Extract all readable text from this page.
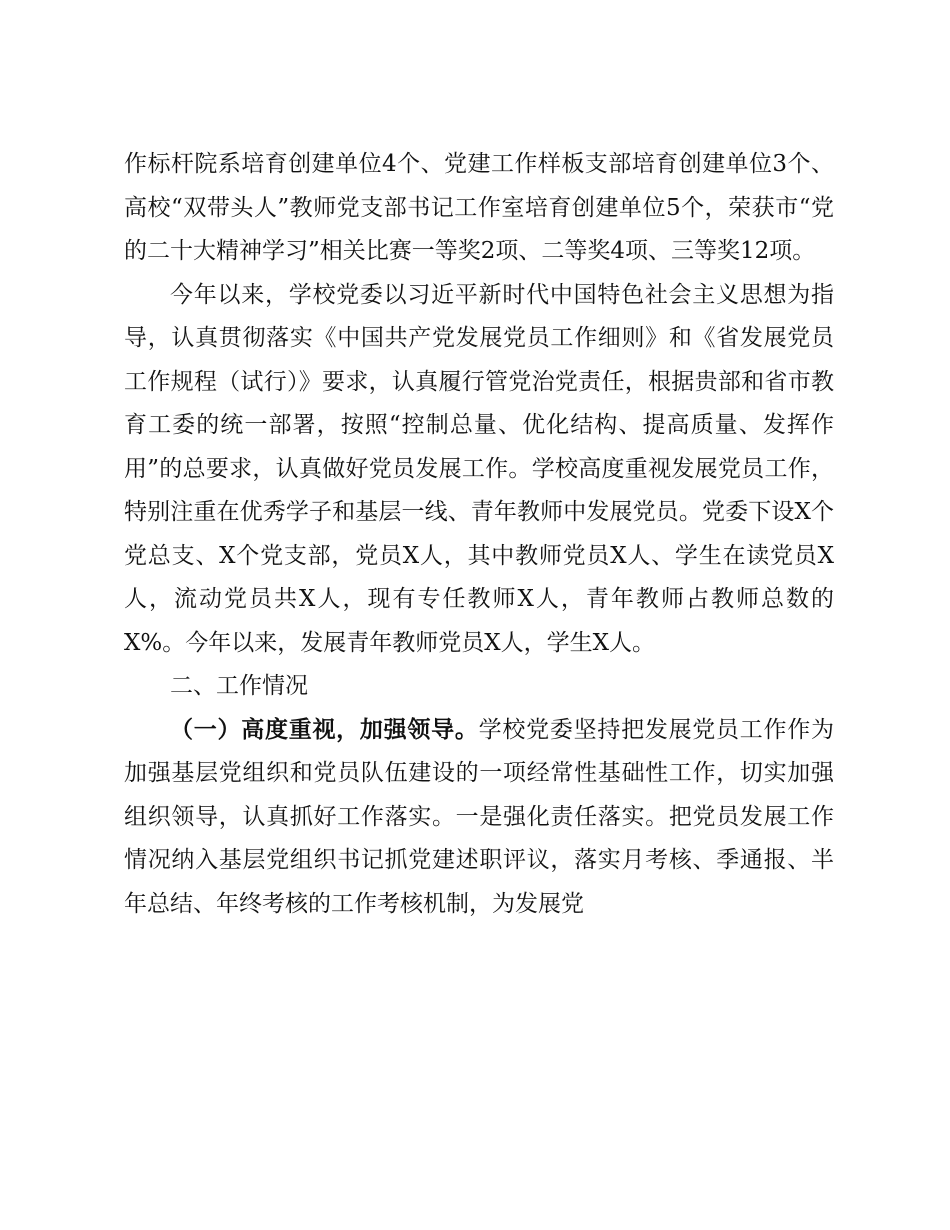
作标杆院系培育创建单位4个、党建工作样板支部培育创建单位3个、高校“双带头人”教师党支部书记工作室培育创建单位5个，荣获市“党的二十大精神学习”相关比赛一等奖2项、二等奖4项、三等奖12项。

今年以来，学校党委以习近平新时代中国特色社会主义思想为指导，认真贯彻落实《中国共产党发展党员工作细则》和《省发展党员工作规程（试行）》要求，认真履行管党治党责任，根据贵部和省市教育工委的统一部署，按照“控制总量、优化结构、提高质量、发挥作用”的总要求，认真做好党员发展工作。学校高度重视发展党员工作，特别注重在优秀学子和基层一线、青年教师中发展党员。党委下设X个党总支、X个党支部，党员X人，其中教师党员X人、学生在读党员X人，流动党员共X人，现有专任教师X人，青年教师占教师总数的X%。今年以来，发展青年教师党员X人，学生X人。

二、工作情况

（一）高度重视，加强领导。学校党委坚持把发展党员工作作为加强基层党组织和党员队伍建设的一项经常性基础性工作，切实加强组织领导，认真抓好工作落实。一是强化责任落实。把党员发展工作情况纳入基层党组织书记抓党建述职评议，落实月考核、季通报、半年总结、年终考核的工作考核机制，为发展党
